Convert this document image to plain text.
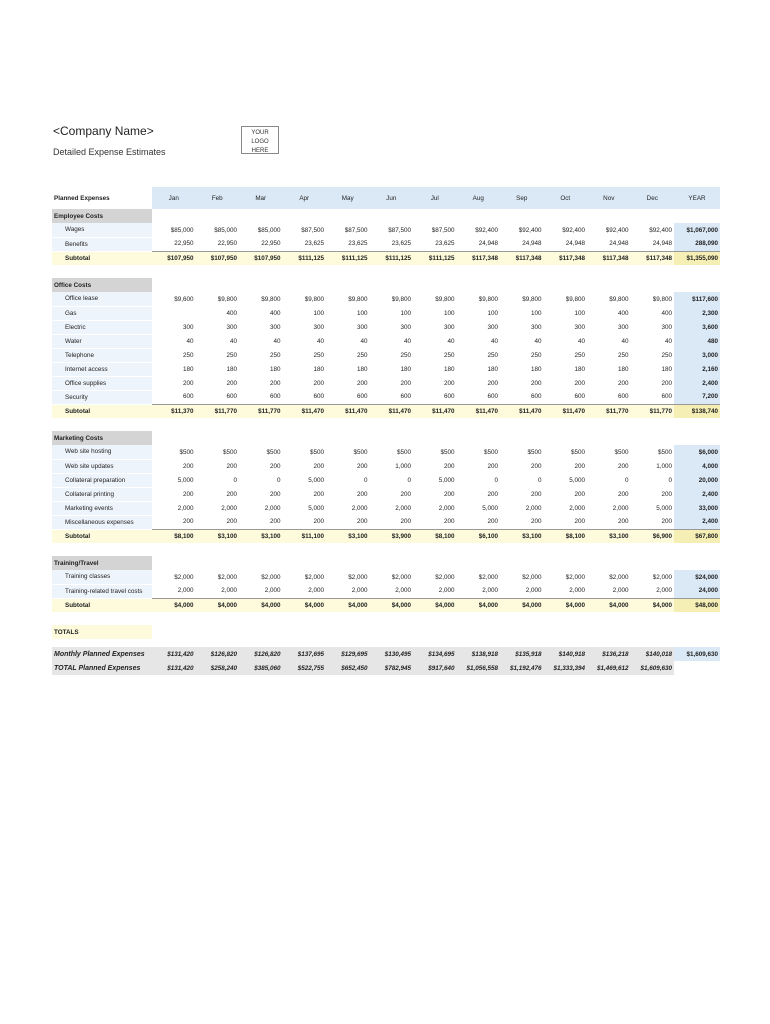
<Company Name>
Detailed Expense Estimates
YOUR LOGO
HERE
Planned Expenses	Jan	Feb	Mar	Apr	May	Jun	Jul	Aug	Sep	Oct	Nov	Dec	YEAR
Employee Costs													
Wages	$85,000	$85,000	$85,000	$87,500	$87,500	$87,500	$87,500	$92,400	$92,400	$92,400	$92,400	$92,400	$1,067,000
Benefits	22,950	22,950	22,950	23,625	23,625	23,625	23,625	24,948	24,948	24,948	24,948	24,948	288,090
Subtotal	$107,950	$107,950	$107,950	$111,125	$111,125	$111,125	$111,125	$117,348	$117,348	$117,348	$117,348	$117,348	$1,355,090

Office Costs													
Office lease	$9,600	$9,800	$9,800	$9,800	$9,800	$9,800	$9,800	$9,800	$9,800	$9,800	$9,800	$9,800	$117,600
Gas		400	400	100	100	100	100	100	100	100	400	400	2,300
Electric	300	300	300	300	300	300	300	300	300	300	300	300	3,600
Water	40	40	40	40	40	40	40	40	40	40	40	40	480
Telephone	250	250	250	250	250	250	250	250	250	250	250	250	3,000
Internet access	180	180	180	180	180	180	180	180	180	180	180	180	2,160
Office supplies	200	200	200	200	200	200	200	200	200	200	200	200	2,400
Security	600	600	600	600	600	600	600	600	600	600	600	600	7,200
Subtotal	$11,370	$11,770	$11,770	$11,470	$11,470	$11,470	$11,470	$11,470	$11,470	$11,470	$11,770	$11,770	$138,740

Marketing Costs													
Web site hosting	$500	$500	$500	$500	$500	$500	$500	$500	$500	$500	$500	$500	$6,000
Web site updates	200	200	200	200	200	1,000	200	200	200	200	200	1,000	4,000
Collateral preparation	5,000	0	0	5,000	0	0	5,000	0	0	5,000	0	0	20,000
Collateral printing	200	200	200	200	200	200	200	200	200	200	200	200	2,400
Marketing events	2,000	2,000	2,000	5,000	2,000	2,000	2,000	5,000	2,000	2,000	2,000	5,000	33,000
Miscellaneous expenses	200	200	200	200	200	200	200	200	200	200	200	200	2,400
Subtotal	$8,100	$3,100	$3,100	$11,100	$3,100	$3,900	$8,100	$6,100	$3,100	$8,100	$3,100	$6,900	$67,800

Training/Travel													
Training classes	$2,000	$2,000	$2,000	$2,000	$2,000	$2,000	$2,000	$2,000	$2,000	$2,000	$2,000	$2,000	$24,000
Training-related travel costs	2,000	2,000	2,000	2,000	2,000	2,000	2,000	2,000	2,000	2,000	2,000	2,000	24,000
Subtotal	$4,000	$4,000	$4,000	$4,000	$4,000	$4,000	$4,000	$4,000	$4,000	$4,000	$4,000	$4,000	$48,000

TOTALS													

Monthly Planned Expenses	$131,420	$126,820	$126,820	$137,695	$129,695	$130,495	$134,695	$138,918	$135,918	$140,918	$136,218	$140,018	$1,609,630
TOTAL Planned Expenses	$131,420	$258,240	$385,060	$522,755	$652,450	$782,945	$917,640	$1,056,558	$1,192,476	$1,333,394	$1,469,612	$1,609,630	
